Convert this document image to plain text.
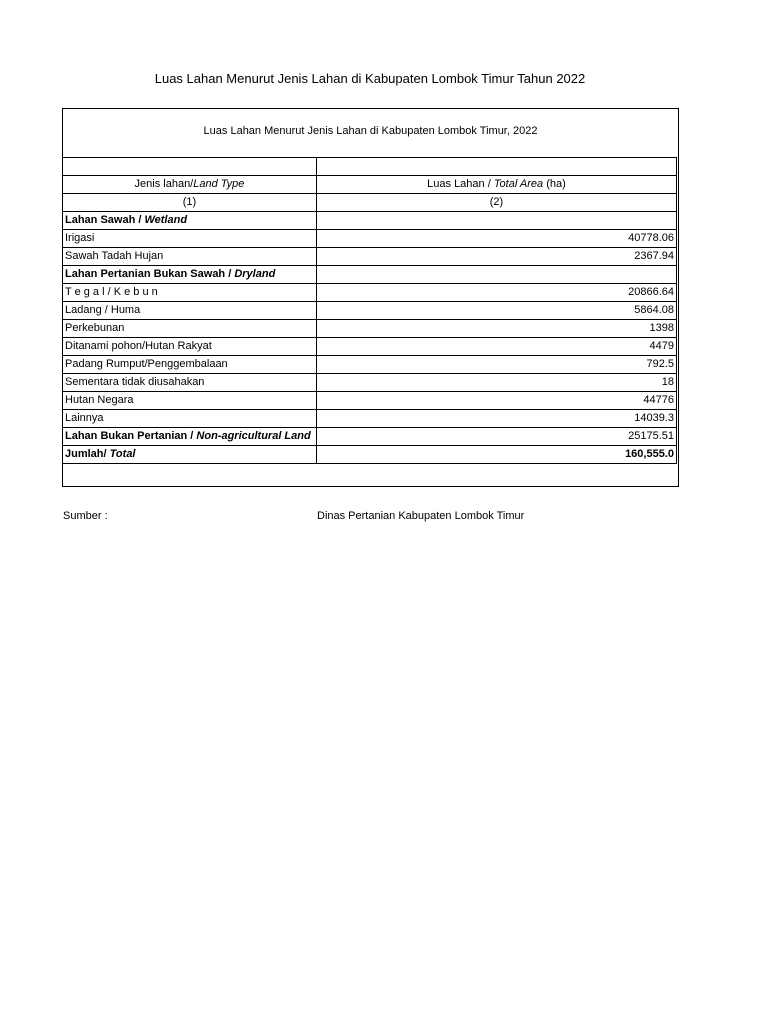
Luas Lahan Menurut Jenis Lahan di Kabupaten Lombok Timur Tahun 2022
Luas Lahan Menurut Jenis Lahan di Kabupaten Lombok Timur, 2022

Jenis lahan/Land Type	Luas Lahan / Total Area (ha)
(1)	(2)
Lahan Sawah / Wetland	
Irigasi	40778.06
Sawah Tadah Hujan	2367.94
Lahan Pertanian Bukan Sawah / Dryland	
T e g a l / K e b u n	20866.64
Ladang / Huma	5864.08
Perkebunan	1398
Ditanami pohon/Hutan Rakyat	4479
Padang Rumput/Penggembalaan	792.5
Sementara tidak diusahakan	18
Hutan Negara	44776
Lainnya	14039.3
Lahan Bukan Pertanian / Non-agricultural Land	25175.51
Jumlah/ Total	160,555.0
Sumber :	Dinas Pertanian Kabupaten Lombok Timur
